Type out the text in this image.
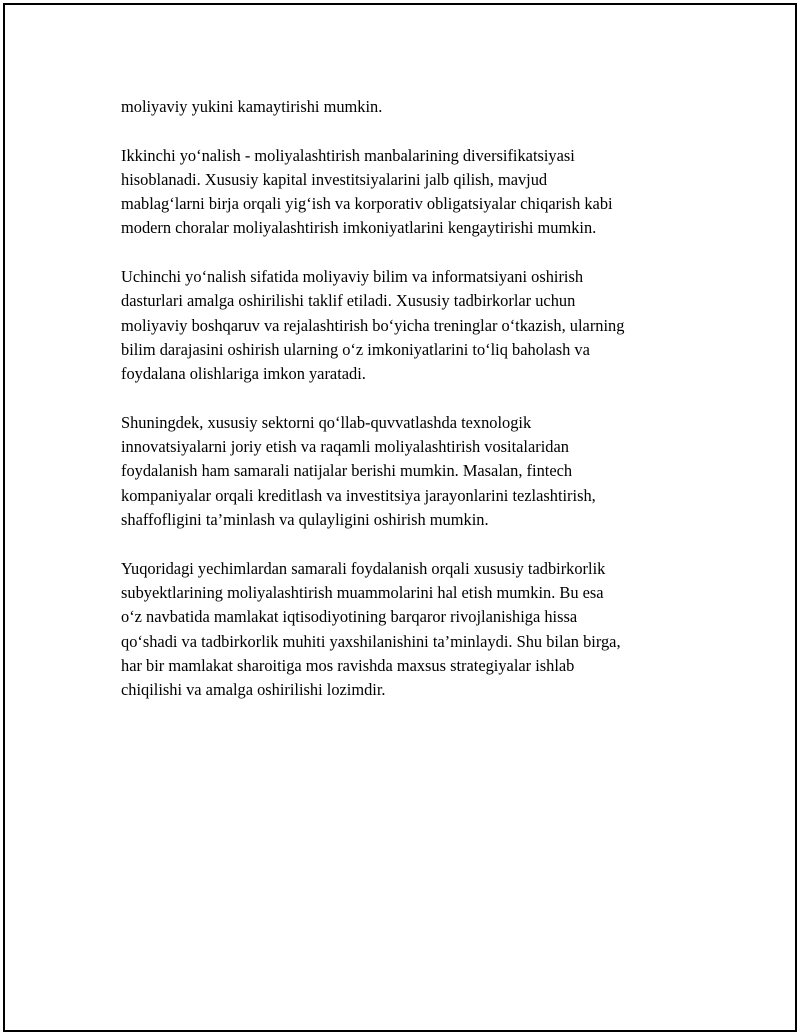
moliyaviy yukini kamaytirishi mumkin.

Ikkinchi yo‘nalish - moliyalashtirish manbalarining diversifikatsiyasi
hisoblanadi. Xususiy kapital investitsiyalarini jalb qilish, mavjud
mablag‘larni birja orqali yig‘ish va korporativ obligatsiyalar chiqarish kabi
modern choralar moliyalashtirish imkoniyatlarini kengaytirishi mumkin.

Uchinchi yo‘nalish sifatida moliyaviy bilim va informatsiyani oshirish
dasturlari amalga oshirilishi taklif etiladi. Xususiy tadbirkorlar uchun
moliyaviy boshqaruv va rejalashtirish bo‘yicha treninglar o‘tkazish, ularning
bilim darajasini oshirish ularning o‘z imkoniyatlarini to‘liq baholash va
foydalana olishlariga imkon yaratadi.

Shuningdek, xususiy sektorni qo‘llab-quvvatlashda texnologik
innovatsiyalarni joriy etish va raqamli moliyalashtirish vositalaridan
foydalanish ham samarali natijalar berishi mumkin. Masalan, fintech
kompaniyalar orqali kreditlash va investitsiya jarayonlarini tezlashtirish,
shaffofligini ta’minlash va qulayligini oshirish mumkin.

Yuqoridagi yechimlardan samarali foydalanish orqali xususiy tadbirkorlik
subyektlarining moliyalashtirish muammolarini hal etish mumkin. Bu esa
o‘z navbatida mamlakat iqtisodiyotining barqaror rivojlanishiga hissa
qo‘shadi va tadbirkorlik muhiti yaxshilanishini ta’minlaydi. Shu bilan birga,
har bir mamlakat sharoitiga mos ravishda maxsus strategiyalar ishlab
chiqilishi va amalga oshirilishi lozimdir.
